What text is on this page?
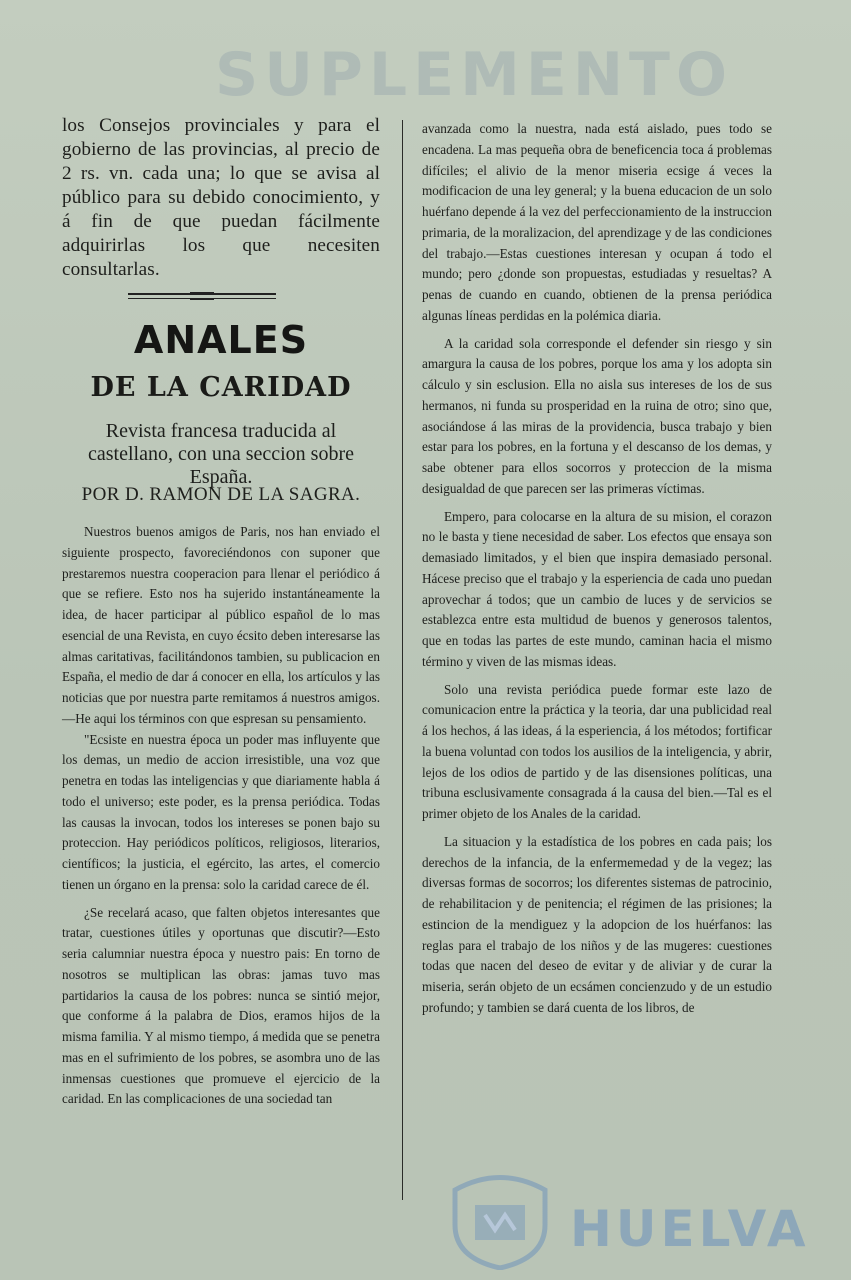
SUPLEMENTO
HUELVA
los Consejos provinciales y para el gobierno de las provincias, al precio de 2 rs. vn. cada una; lo que se avisa al público para su debido conocimiento, y á fin de que puedan fácilmente adquirirlas los que necesiten consultarlas.
ANALES
DE LA CARIDAD
Revista francesa traducida al castellano, con una seccion sobre España.
POR D. RAMON DE LA SAGRA.

Nuestros buenos amigos de Paris, nos han enviado el siguiente prospecto, favoreciéndonos con suponer que prestaremos nuestra cooperacion para llenar el periódico á que se refiere. Esto nos ha sujerido instantáneamente la idea, de hacer participar al público español de lo mas esencial de una Revista, en cuyo écsito deben interesarse las almas caritativas, facilitándonos tambien, su publicacion en España, el medio de dar á conocer en ella, los artículos y las noticias que por nuestra parte remitamos á nuestros amigos.—He aqui los términos con que espresan su pensamiento.

"Ecsiste en nuestra época un poder mas influyente que los demas, un medio de accion irresistible, una voz que penetra en todas las inteligencias y que diariamente habla á todo el universo; este poder, es la prensa periódica. Todas las causas la invocan, todos los intereses se ponen bajo su proteccion. Hay periódicos políticos, religiosos, literarios, científicos; la justicia, el egército, las artes, el comercio tienen un órgano en la prensa: solo la caridad carece de él.

¿Se recelará acaso, que falten objetos interesantes que tratar, cuestiones útiles y oportunas que discutir?—Esto seria calumniar nuestra época y nuestro pais: En torno de nosotros se multiplican las obras: jamas tuvo mas partidarios la causa de los pobres: nunca se sintió mejor, que conforme á la palabra de Dios, eramos hijos de la misma familia. Y al mismo tiempo, á medida que se penetra mas en el sufrimiento de los pobres, se asombra uno de las inmensas cuestiones que promueve el ejercicio de la caridad. En las complicaciones de una sociedad tan

avanzada como la nuestra, nada está aislado, pues todo se encadena. La mas pequeña obra de beneficencia toca á problemas difíciles; el alivio de la menor miseria ecsige á veces la modificacion de una ley general; y la buena educacion de un solo huérfano depende á la vez del perfeccionamiento de la instruccion primaria, de la moralizacion, del aprendizage y de las condiciones del trabajo.—Estas cuestiones interesan y ocupan á todo el mundo; pero ¿donde son propuestas, estudiadas y resueltas? A penas de cuando en cuando, obtienen de la prensa periódica algunas líneas perdidas en la polémica diaria.

A la caridad sola corresponde el defender sin riesgo y sin amargura la causa de los pobres, porque los ama y los adopta sin cálculo y sin esclusion. Ella no aisla sus intereses de los de sus hermanos, ni funda su prosperidad en la ruina de otro; sino que, asociándose á las miras de la providencia, busca trabajo y bien estar para los pobres, en la fortuna y el descanso de los demas, y sabe obtener para ellos socorros y proteccion de la misma desigualdad de que parecen ser las primeras víctimas.

Empero, para colocarse en la altura de su mision, el corazon no le basta y tiene necesidad de saber. Los efectos que ensaya son demasiado limitados, y el bien que inspira demasiado personal. Hácese preciso que el trabajo y la esperiencia de cada uno puedan aprovechar á todos; que un cambio de luces y de servicios se establezca entre esta multidud de buenos y generosos talentos, que en todas las partes de este mundo, caminan hacia el mismo término y viven de las mismas ideas.

Solo una revista periódica puede formar este lazo de comunicacion entre la práctica y la teoria, dar una publicidad real á los hechos, á las ideas, á la esperiencia, á los métodos; fortificar la buena voluntad con todos los ausilios de la inteligencia, y abrir, lejos de los odios de partido y de las disensiones políticas, una tribuna esclusivamente consagrada á la causa del bien.—Tal es el primer objeto de los Anales de la caridad.

La situacion y la estadística de los pobres en cada pais; los derechos de la infancia, de la enfermemedad y de la vegez; las diversas formas de socorros; los diferentes sistemas de patrocinio, de rehabilitacion y de penitencia; el régimen de las prisiones; la estincion de la mendiguez y la adopcion de los huérfanos: las reglas para el trabajo de los niños y de las mugeres: cuestiones todas que nacen del deseo de evitar y de aliviar y de curar la miseria, serán objeto de un ecsámen concienzudo y de un estudio profundo; y tambien se dará cuenta de los libros, de
